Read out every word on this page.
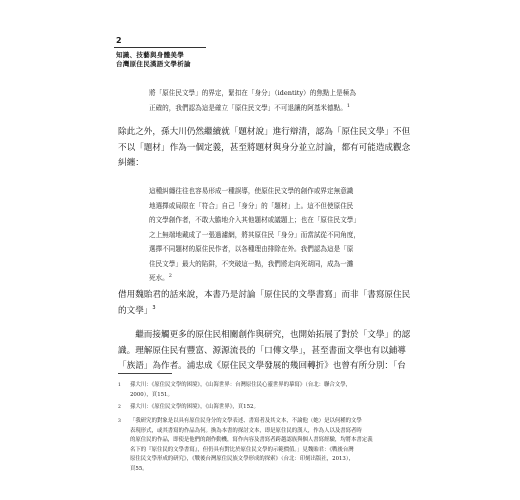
2
知識、技藝與身體美學
台灣原住民漢語文學析論
將「原住民文學」的界定，緊扣在「身分」（identity）的焦點上是極為
正確的，我們認為這是確立「原住民文學」不可退讓的阿基米德點。$^1$
除此之外，孫大川仍然繼續就「題材說」進行辯清，認為「原住民文學」不但
不以「題材」作為一個定義，甚至將題材與身分並立討論，都有可能造成觀念
糾纏：
這種糾纏往往也容易形成一種誤導，使原住民文學的創作或界定無意識
地選擇或局限在「符合」自己「身分」的「題材」上。這不但使原住民
的文學創作者，不敢大膽地介入其他題材或議題上；也在「原住民文學」
之上無端地戴成了一張過濾網，將其原住民「身分」而當試從不同角度，
選擇不同題材的原住民作者，以各種理由排除在外。我們認為這是「原
住民文學」最大的陷阱，不突破這一點，我們將走向死胡同，成為一灘
死水。$^2$
借用魏貽君的話來說，本書乃是討論「原住民的文學書寫」而非「書寫原住民
的文學」$^3$
　　繼而接觸更多的原住民相關創作與研究，也開始拓展了對於「文學」的認
識。理解原住民有豐富、源源流長的「口傳文學」，甚至書面文學也有以鋪導
「族語」為作者。浦忠成《原住民文學發展的幾回轉折》也曾有所分別：「台
1 孫大川：《原住民文學的困境》，《山海世界：台灣原住民心靈世界的摹寫》（台北：聯合文學，
2000），頁151。
2 孫大川：《原住民文學的困境》，《山海世界》，頁152。
3 「我研究的對象是以具有原住民身分的文學表述、書寫者及其文本，不論他（她）是以何種的文學
表現形式，或其書寫的作品為何。換為本書的探討文本，即是原住民的漢人，作為人以及書寫者時
的原住民的作品，即使是他們的創作動機，寫作內容及書寫者跨越認族與個人書寫經驗，均將本書定義
名下的『原住民的文學書寫』，但仍具有對比於原住民文學的示範價值。」見魏貽君：《戰後台灣
原住民文學形成的研究》，《戰後台灣原住民族文學形成的探索》（台北：印刻出版社，2013），
頁55。
